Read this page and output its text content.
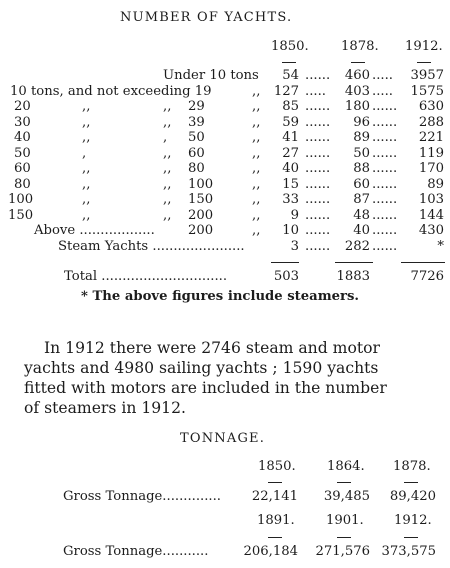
NUMBER OF YACHTS.
1850. 1878. 1912.
Under 10 tons	54 ......	460 .....	3957
10 tons, and not exceeding 19	,,	127 .....	403 .....	1575
20	,,	,, 29	,,	85 ......	180 ......	630
30	,,	,, 39	,,	59 ......	96 ......	288
40	,,	, 50	,,	41 ......	89 ......	221
50	,	,, 60	,,	27 ......	50 ......	119
60	,,	,, 80	,,	40 ......	88 ......	170
80	,,	,, 100	,,	15 ......	60 ......	89
100	,,	,, 150	,,	33 ......	87 ......	103
150	,,	,, 200	,,	9 ......	48 ......	144
Above ..................	200	,,	10 ......	40 ......	430
Steam Yachts ......................	3 ......	282 ......	*
Total ..............................	503	1883	7726
* The above figures include steamers.
In 1912 there were 2746 steam and motor
yachts and 4980 sailing yachts ; 1590 yachts
fitted with motors are included in the number
of steamers in 1912.
TONNAGE.
1850. 1864. 1878.
Gross Tonnage..............	22,141	39,485	89,420
1891. 1901. 1912.
Gross Tonnage...........	206,184	271,576 373,575
